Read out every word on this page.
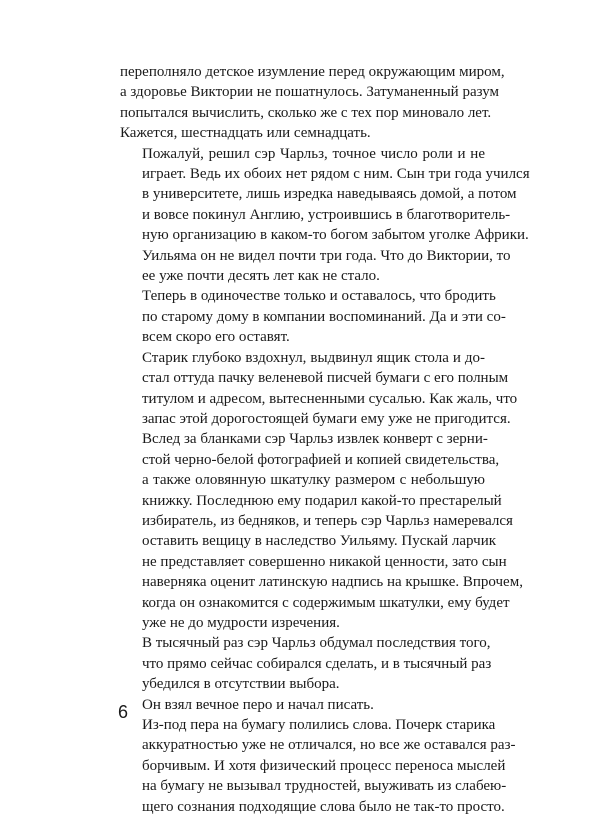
переполняло детское изумление перед окружающим миром,
а здоровье Виктории не пошатнулось. Затуманенный разум
попытался вычислить, сколько же с тех пор миновало лет.
Кажется, шестнадцать или семнадцать.

Пожалуй, решил сэр Чарльз, точное число роли и не
играет. Ведь их обоих нет рядом с ним. Сын три года учился
в университете, лишь изредка наведываясь домой, а потом
и вовсе покинул Англию, устроившись в благотворитель-
ную организацию в каком-то богом забытом уголке Африки.
Уильяма он не видел почти три года. Что до Виктории, то
ее уже почти десять лет как не стало.

Теперь в одиночестве только и оставалось, что бродить
по старому дому в компании воспоминаний. Да и эти со-
всем скоро его оставят.

Старик глубоко вздохнул, выдвинул ящик стола и до-
стал оттуда пачку веленевой писчей бумаги с его полным
титулом и адресом, вытесненными сусалью. Как жаль, что
запас этой дорогостоящей бумаги ему уже не пригодится.

Вслед за бланками сэр Чарльз извлек конверт с зерни-
стой черно-белой фотографией и копией свидетельства,
а также оловянную шкатулку размером с небольшую
книжку. Последнюю ему подарил какой-то престарелый
избиратель, из бедняков, и теперь сэр Чарльз намеревался
оставить вещицу в наследство Уильяму. Пускай ларчик
не представляет совершенно никакой ценности, зато сын
наверняка оценит латинскую надпись на крышке. Впрочем,
когда он ознакомится с содержимым шкатулки, ему будет
уже не до мудрости изречения.

В тысячный раз сэр Чарльз обдумал последствия того,
что прямо сейчас собирался сделать, и в тысячный раз
убедился в отсутствии выбора.

Он взял вечное перо и начал писать.

Из-под пера на бумагу полились слова. Почерк старика
аккуратностью уже не отличался, но все же оставался раз-
борчивым. И хотя физический процесс переноса мыслей
на бумагу не вызывал трудностей, выуживать из слабею-
щего сознания подходящие слова было не так-то просто.

6
